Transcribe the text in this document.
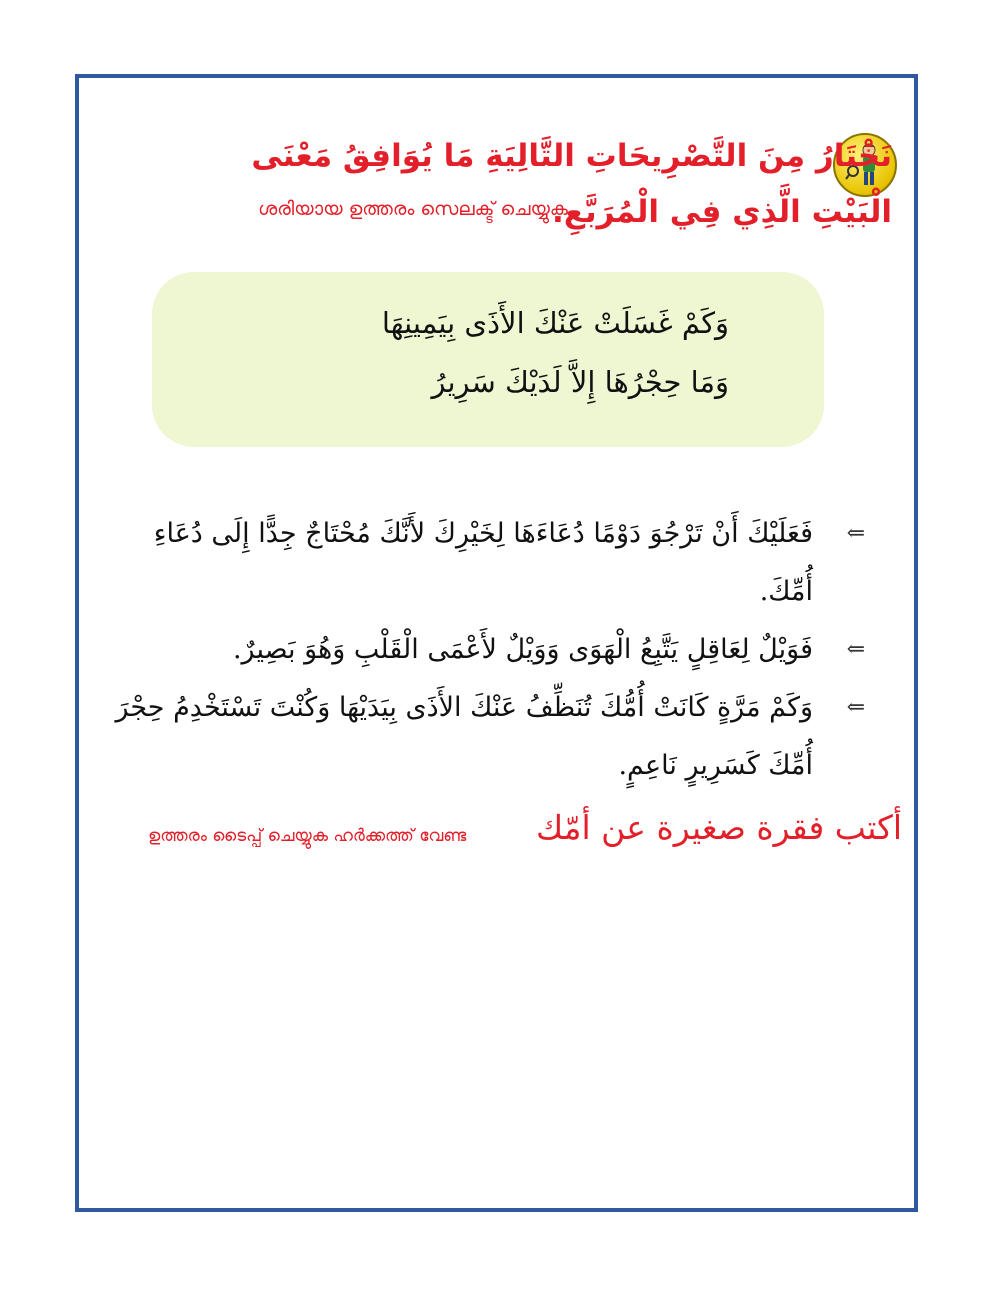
نَخْتَارُ مِنَ التَّصْرِيحَاتِ التَّالِيَةِ مَا يُوَافِقُ مَعْنَى الْبَيْتِ الَّذِي فِي الْمُرَبَّعِ.
ശരിയായ ഉത്തരം സെലക്ട് ചെയ്യുക
وَكَمْ غَسَلَتْ عَنْكَ الأَذَى بِيَمِينِهَا
وَمَا حِجْرُهَا إِلاَّ لَدَيْكَ سَرِيرُ
⇐
فَعَلَيْكَ أَنْ تَرْجُوَ دَوْمًا دُعَاءَهَا لِخَيْرِكَ لأَنَّكَ مُحْتَاجٌ جِدًّا إِلَى دُعَاءِ أُمِّكَ.
⇐
فَوَيْلٌ لِعَاقِلٍ يَتَّبِعُ الْهَوَى وَوَيْلٌ لأَعْمَى الْقَلْبِ وَهُوَ بَصِيرٌ.
⇐
وَكَمْ مَرَّةٍ كَانَتْ أُمُّكَ تُنَظِّفُ عَنْكَ الأَذَى بِيَدَيْهَا وَكُنْتَ تَسْتَخْدِمُ حِجْرَ أُمِّكَ كَسَرِيرٍ نَاعِمٍ.
ഉത്തരം ടൈപ്പ് ചെയ്യുക ഹർക്കത്ത് വേണ്ട أكتب فقرة صغيرة عن أمّك
